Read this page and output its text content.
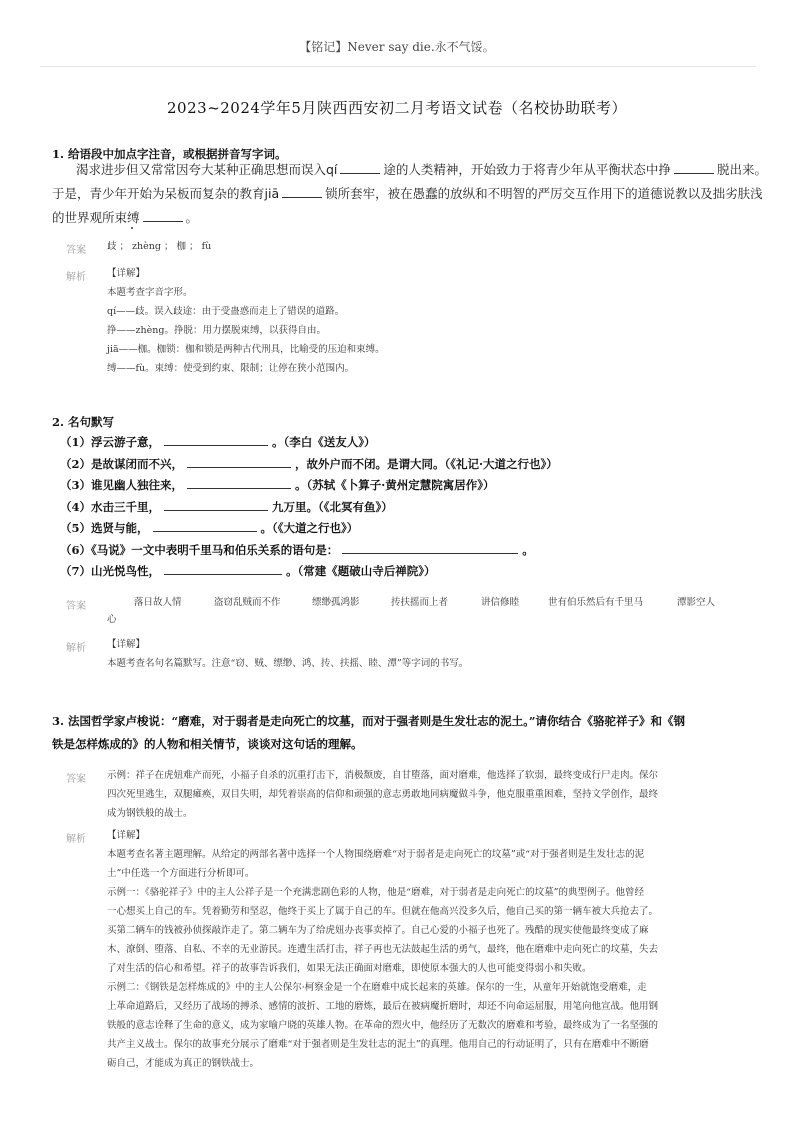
【铭记】Never say die.永不气馁。
2023~2024学年5月陕西西安初二月考语文试卷（名校协助联考）
1. 给语段中加点字注音，或根据拼音写字词。
渴求进步但又常常因夸大某种正确思想而误入qí	途的人类精神，开始致力于将青少年从平衡状态中挣	脱出来。
于是，青少年开始为呆板而复杂的教育jiā	锁所套牢，被在愚蠢的放纵和不明智的严厉交互作用下的道德说教以及拙劣肤浅
的世界观所束缚	。
答案 歧 ； zhèng ； 枷 ； fù
解析 【详解】
本题考查字音字形。
qí——歧。误入歧途：由于受蛊惑而走上了错误的道路。
挣——zhèng。挣脱：用力摆脱束缚，以获得自由。
jiā——枷。枷锁：枷和锁是两种古代刑具，比喻受的压迫和束缚。
缚——fù。束缚：使受到约束、限制；让停在狭小范围内。
2. 名句默写
（1）浮云游子意，	。（李白《送友人》）
（2）是故谋闭而不兴，	，故外户而不闭。是谓大同。（《礼记·大道之行也》）
（3）谁见幽人独往来，	。（苏轼《卜算子·黄州定慧院寓居作》）
（4）水击三千里，	九万里。（《北冥有鱼》）
（5）选贤与能，	。（《大道之行也》）
（6）《马说》一文中表明千里马和伯乐关系的语句是：	。
（7）山光悦鸟性，	。（常建《题破山寺后禅院》）
答案	落日故人情	盗窃乱贼而不作	缥缈孤鸿影	抟扶摇而上者	讲信修睦	世有伯乐然后有千里马	潭影空人
心
解析 【详解】
本题考查名句名篇默写。注意“窃、贼、缥缈、鸿、抟、扶摇、睦、潭”等字词的书写。
3. 法国哲学家卢梭说：“磨难，对于弱者是走向死亡的坟墓，而对于强者则是生发壮志的泥土。”请你结合《骆驼祥子》和《钢
铁是怎样炼成的》的人物和相关情节，谈谈对这句话的理解。
答案 示例：祥子在虎妞难产而死，小福子自杀的沉重打击下，消极颓废，自甘堕落，面对磨难，他选择了软弱，最终变成行尸走肉。保尔
四次死里逃生，双腿瘫痪，双目失明，却凭着崇高的信仰和顽强的意志勇敢地同病魔做斗争，他克服重重困难，坚持文学创作，最终
成为钢铁般的战士。
解析 【详解】
本题考查名著主题理解。从给定的两部名著中选择一个人物围绕磨难“对于弱者是走向死亡的坟墓”或“对于强者则是生发壮志的泥
土”中任选一个方面进行分析即可。
示例一：《骆驼祥子》中的主人公祥子是一个充满悲剧色彩的人物，他是“磨难，对于弱者是走向死亡的坟墓”的典型例子。他曾经
一心想买上自己的车。凭着勤劳和坚忍，他终于买上了属于自己的车。但就在他高兴没多久后，他自己买的第一辆车被大兵抢去了。
买第二辆车的钱被孙侦探敲诈走了。第二辆车为了给虎妞办丧事卖掉了。自己心爱的小福子也死了。残酷的现实使他最终变成了麻
木、潦倒、堕落、自私、不幸的无业游民。连遭生活打击，祥子再也无法鼓起生活的勇气，最终，他在磨难中走向死亡的坟墓，失去
了对生活的信心和希望。祥子的故事告诉我们，如果无法正确面对磨难，即使原本强大的人也可能变得弱小和失败。
示例二：《钢铁是怎样炼成的》中的主人公保尔·柯察金是一个在磨难中成长起来的英雄。保尔的一生，从童年开始就饱受磨难，走
上革命道路后，又经历了战场的搏杀、感情的波折、工地的磨炼，最后在被病魔折磨时，却还不向命运屈服，用笔向他宣战。他用钢
铁般的意志诠释了生命的意义，成为家喻户晓的英雄人物。在革命的烈火中，他经历了无数次的磨难和考验，最终成为了一名坚强的
共产主义战士。保尔的故事充分展示了磨难“对于强者则是生发壮志的泥土”的真理。他用自己的行动证明了，只有在磨难中不断磨
砺自己，才能成为真正的钢铁战士。
